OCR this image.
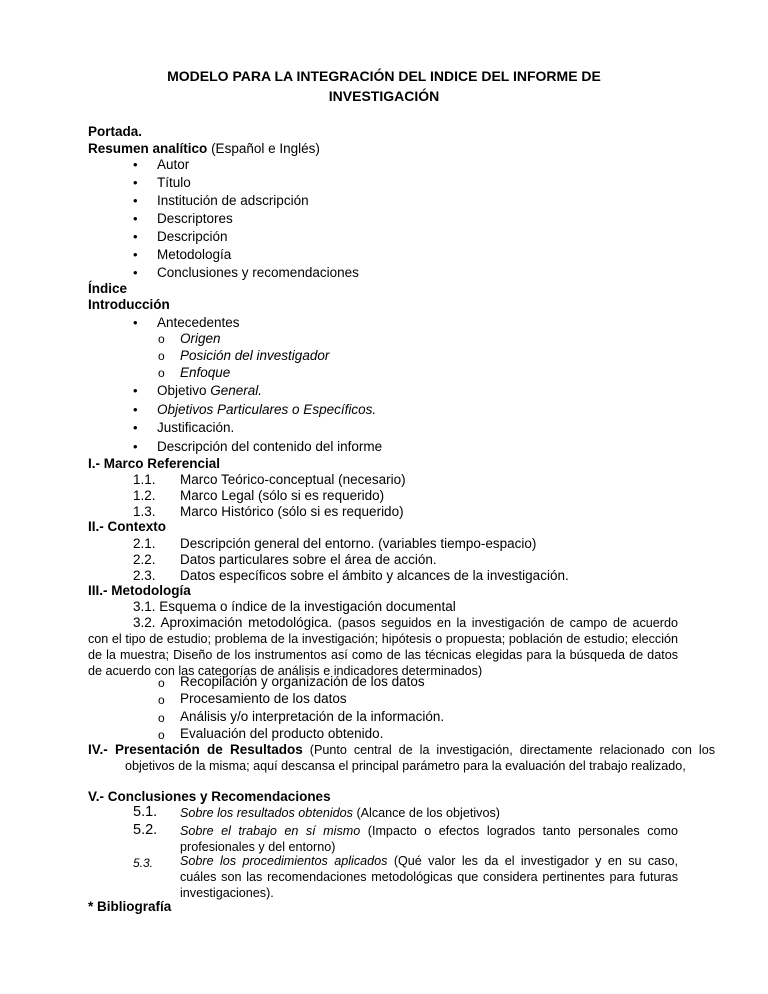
MODELO PARA LA INTEGRACIÓN DEL INDICE DEL INFORME DE
INVESTIGACIÓN
Portada.
Resumen analítico (Español e Inglés)
• Autor
• Título
• Institución de adscripción
• Descriptores
• Descripción
• Metodología
• Conclusiones y recomendaciones
Índice
Introducción
• Antecedentes
o Origen
o Posición del investigador
o Enfoque
• Objetivo General.
• Objetivos Particulares o Específicos.
• Justificación.
• Descripción del contenido del informe
I.- Marco Referencial
1.1. Marco Teórico-conceptual (necesario)
1.2. Marco Legal (sólo si es requerido)
1.3. Marco Histórico (sólo si es requerido)
II.- Contexto
2.1. Descripción general del entorno. (variables tiempo-espacio)
2.2. Datos particulares sobre el área de acción.
2.3. Datos específicos sobre el ámbito y alcances de la investigación.
III.- Metodología
3.1. Esquema o índice de la investigación documental
3.2. Aproximación metodológica. (pasos seguidos en la investigación de campo de acuerdo con el tipo de estudio; problema de la investigación; hipótesis o propuesta; población de estudio; elección de la muestra; Diseño de los instrumentos así como de las técnicas elegidas para la búsqueda de datos de acuerdo con las categorías de análisis e indicadores determinados)
o Recopilación y organización de los datos
o Procesamiento de los datos
o Análisis y/o interpretación de la información.
o Evaluación del producto obtenido.
IV.- Presentación de Resultados (Punto central de la investigación, directamente relacionado con los objetivos de la misma; aquí descansa el principal parámetro para la evaluación del trabajo realizado,
V.- Conclusiones y Recomendaciones
5.1. Sobre los resultados obtenidos (Alcance de los objetivos)
5.2. Sobre el trabajo en sí mismo (Impacto o efectos logrados tanto personales como profesionales y del entorno)
5.3. Sobre los procedimientos aplicados (Qué valor les da el investigador y en su caso, cuáles son las recomendaciones metodológicas que considera pertinentes para futuras investigaciones).
* Bibliografía
